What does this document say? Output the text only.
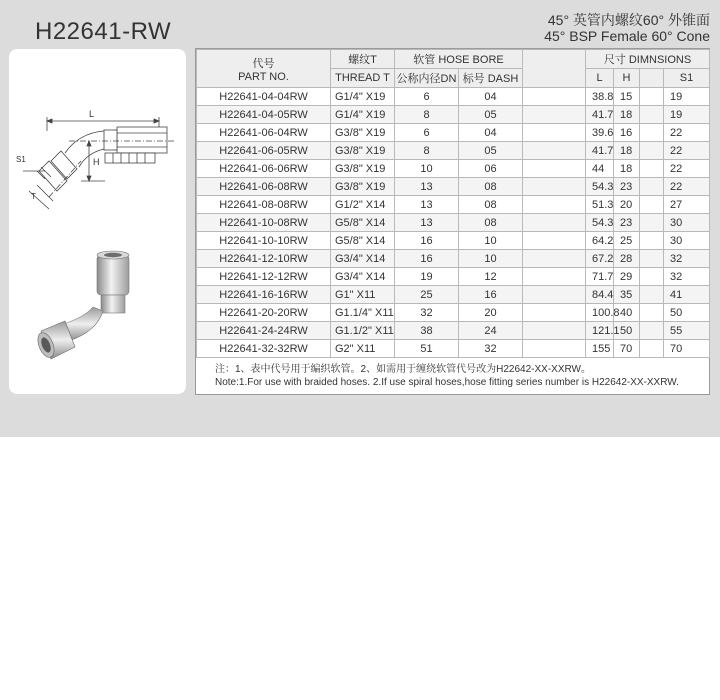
H22641-RW	45° 英管内螺纹60° 外锥面
45° BSP Female 60° Cone
L
H
S1
T
代号
PART NO.	螺纹T	软管 HOSE BORE			尺寸 DIMNSIONS			
	THREAD T	公称内径DN	标号 DASH		L	H		S1
H22641-04-04RW	G1/4" X19	6	04		38.8	15		19
H22641-04-05RW	G1/4" X19	8	05		41.7	18		19
H22641-06-04RW	G3/8" X19	6	04		39.6	16		22
H22641-06-05RW	G3/8" X19	8	05		41.7	18		22
H22641-06-06RW	G3/8" X19	10	06		44	18		22
H22641-06-08RW	G3/8" X19	13	08		54.3	23		22
H22641-08-08RW	G1/2" X14	13	08		51.3	20		27
H22641-10-08RW	G5/8" X14	13	08		54.3	23		30
H22641-10-10RW	G5/8" X14	16	10		64.2	25		30
H22641-12-10RW	G3/4" X14	16	10		67.2	28		32
H22641-12-12RW	G3/4" X14	19	12		71.7	29		32
H22641-16-16RW	G1" X11	25	16		84.4	35		41
H22641-20-20RW	G1.1/4" X11	32	20		100.8	40		50
H22641-24-24RW	G1.1/2" X11	38	24		121.1	50		55
H22641-32-32RW	G2" X11	51	32		155	70		70
注：1、表中代号用于编织软管。2、如需用于缠绕软管代号改为H22642-XX-XXRW。
Note:1.For use with braided hoses. 2.If use spiral hoses,hose fitting series number is H22642-XX-XXRW.
